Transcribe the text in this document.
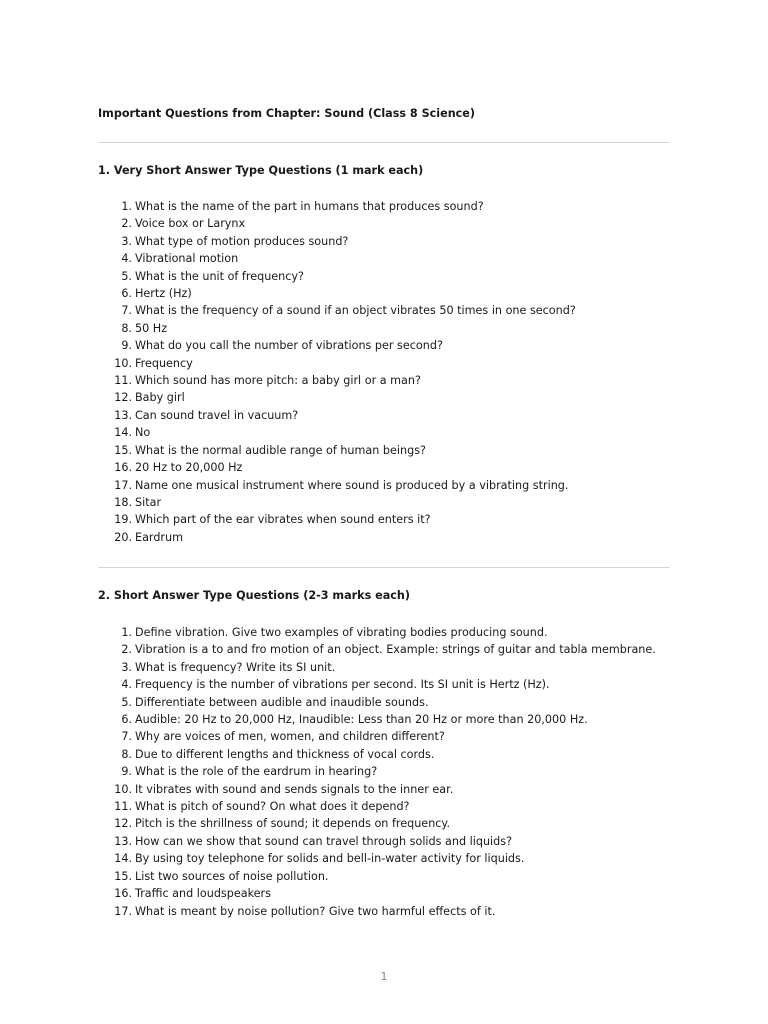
Important Questions from Chapter: Sound (Class 8 Science)
1. Very Short Answer Type Questions (1 mark each)
1. What is the name of the part in humans that produces sound?
2. Voice box or Larynx
3. What type of motion produces sound?
4. Vibrational motion
5. What is the unit of frequency?
6. Hertz (Hz)
7. What is the frequency of a sound if an object vibrates 50 times in one second?
8. 50 Hz
9. What do you call the number of vibrations per second?
10. Frequency
11. Which sound has more pitch: a baby girl or a man?
12. Baby girl
13. Can sound travel in vacuum?
14. No
15. What is the normal audible range of human beings?
16. 20 Hz to 20,000 Hz
17. Name one musical instrument where sound is produced by a vibrating string.
18. Sitar
19. Which part of the ear vibrates when sound enters it?
20. Eardrum
2. Short Answer Type Questions (2-3 marks each)
1. Define vibration. Give two examples of vibrating bodies producing sound.
2. Vibration is a to and fro motion of an object. Example: strings of guitar and tabla membrane.
3. What is frequency? Write its SI unit.
4. Frequency is the number of vibrations per second. Its SI unit is Hertz (Hz).
5. Differentiate between audible and inaudible sounds.
6. Audible: 20 Hz to 20,000 Hz, Inaudible: Less than 20 Hz or more than 20,000 Hz.
7. Why are voices of men, women, and children different?
8. Due to different lengths and thickness of vocal cords.
9. What is the role of the eardrum in hearing?
10. It vibrates with sound and sends signals to the inner ear.
11. What is pitch of sound? On what does it depend?
12. Pitch is the shrillness of sound; it depends on frequency.
13. How can we show that sound can travel through solids and liquids?
14. By using toy telephone for solids and bell-in-water activity for liquids.
15. List two sources of noise pollution.
16. Traffic and loudspeakers
17. What is meant by noise pollution? Give two harmful effects of it.
1
